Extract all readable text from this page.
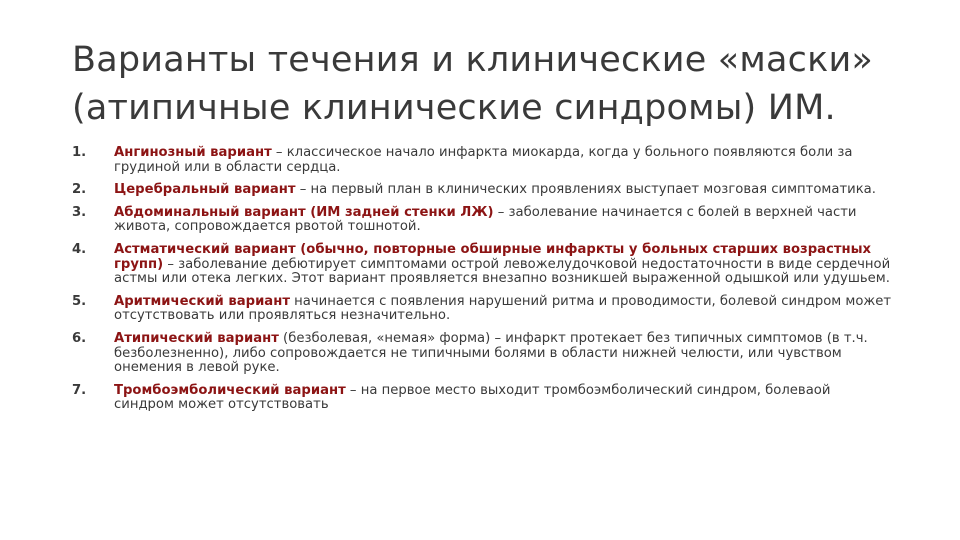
Варианты течения и клинические «маски»
(атипичные клинические синдромы) ИМ.
1. Ангинозный вариант – классическое начало инфаркта миокарда, когда у больного появляются боли за грудиной или в области сердца.
2. Церебральный вариант – на первый план в клинических проявлениях выступает мозговая симптоматика.
3. Абдоминальный вариант (ИМ задней стенки ЛЖ) – заболевание начинается с болей в верхней части живота, сопровождается рвотой тошнотой.
4. Астматический вариант (обычно, повторные обширные инфаркты у больных старших возрастных групп) – заболевание дебютирует симптомами острой левожелудочковой недостаточности в виде сердечной астмы или отека легких. Этот вариант проявляется внезапно возникшей выраженной одышкой или удушьем.
5. Аритмический вариант начинается с появления нарушений ритма и проводимости, болевой синдром может отсутствовать или проявляться незначительно.
6. Атипический вариант (безболевая, «немая» форма) – инфаркт протекает без типичных симптомов (в т.ч. безболезненно), либо сопровождается не типичными болями в области нижней челюсти, или чувством онемения в левой руке.
7. Тромбоэмболический вариант – на первое место выходит тромбоэмболический синдром, болеваой синдром может отсутствовать
